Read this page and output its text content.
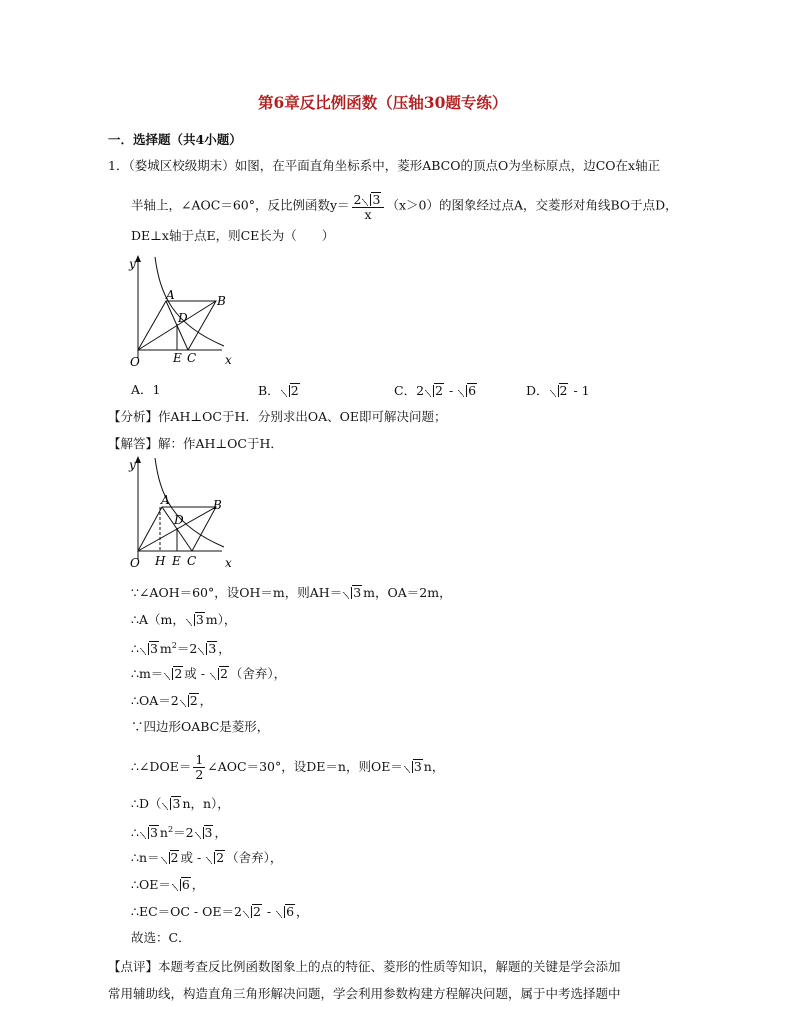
第6章反比例函数（压轴30题专练）
一．选择题（共4小题）
1．（婺城区校级期末）如图，在平面直角坐标系中，菱形ABCO的顶点O为坐标原点，边CO在x轴正
半轴上，∠AOC＝60°，反比例函数$y= \frac{2 3}{x} (x>0)$的图象经过点A，交菱形对角线BO于点D，
DE⊥x轴于点E，则CE长为（　　）
y
x
O
A	B
D
E C
A．1	B． 2	C．2 2 - 6	D． 2 - 1
【分析】作AH⊥OC于H．分别求出OA、OE即可解决问题；
【解答】解：作AH⊥OC于H．
y
x
O
A	B
D
H E C
∵∠AOH＝60°，设OH＝m，则AH＝ 3 m，OA＝2m，
∴A（m， 3 m），
∴ 3 $m^2=2$ 3 ，
∴m＝ 2 或 - 2 （舍弃），
∴OA＝2 2 ，
∵四边形OABC是菱形，
∴∠DOE＝ $\frac{1}{2}$ ∠AOC＝30°，设DE＝n，则OE＝ 3 n，
∴D（ 3 n，n），
∴ 3 $n^2=2$ 3 ，
∴n＝ 2 或 - 2 （舍弃），
∴OE＝ 6 ，
∴EC＝OC - OE＝2 2 - 6 ，
故选：C．
【点评】本题考查反比例函数图象上的点的特征、菱形的性质等知识，解题的关键是学会添加
常用辅助线，构造直角三角形解决问题，学会利用参数构建方程解决问题，属于中考选择题中
